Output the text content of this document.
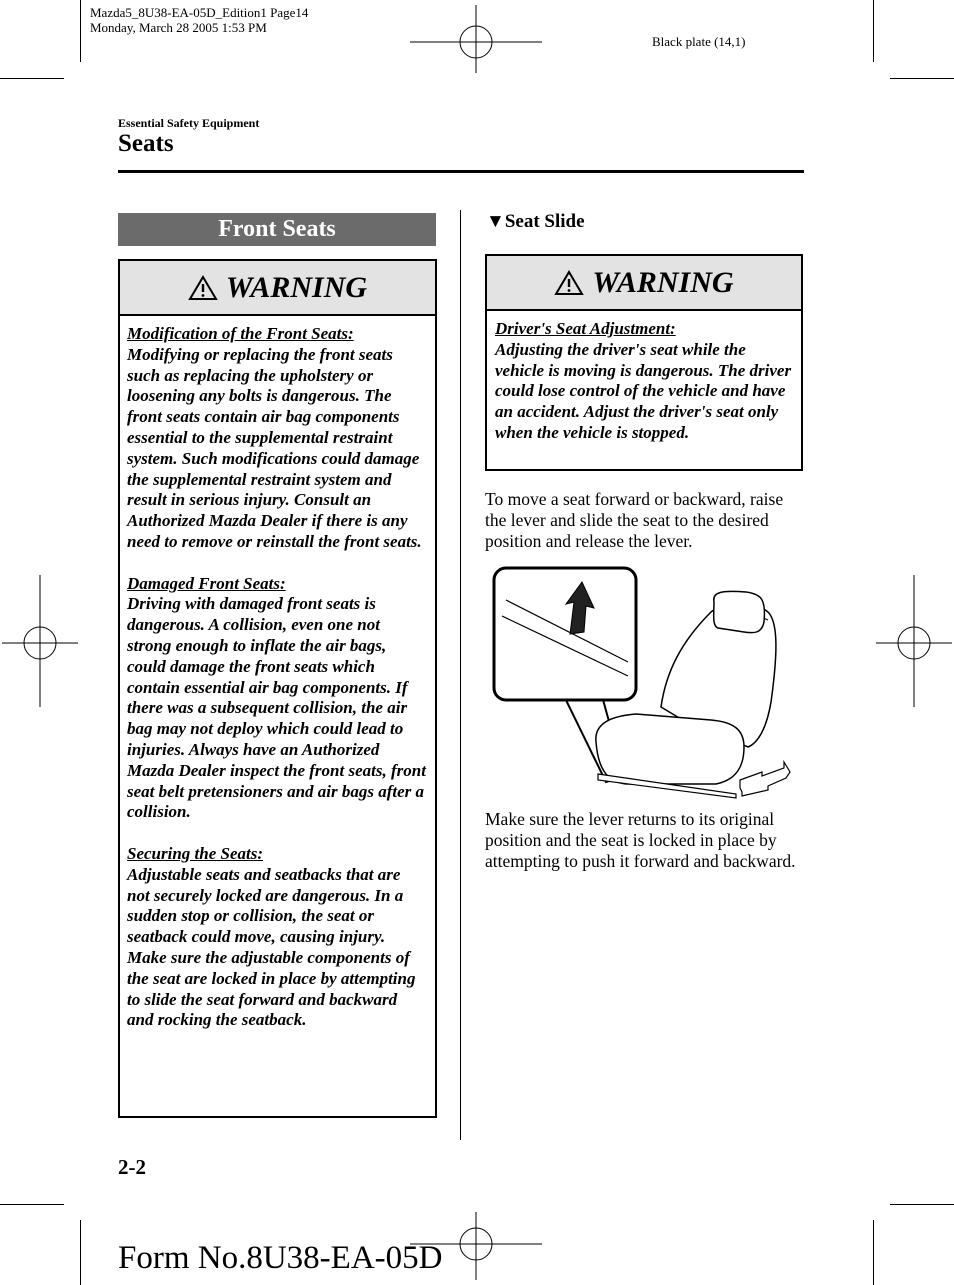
Mazda5_8U38-EA-05D_Edition1 Page14
Monday, March 28 2005 1:53 PM
Black plate (14,1)
Essential Safety Equipment
Seats
Front Seats
WARNING
Modification of the Front Seats:
Modifying or replacing the front seats such as replacing the upholstery or loosening any bolts is dangerous. The front seats contain air bag components essential to the supplemental restraint system. Such modifications could damage the supplemental restraint system and result in serious injury. Consult an Authorized Mazda Dealer if there is any need to remove or reinstall the front seats.
Damaged Front Seats:
Driving with damaged front seats is dangerous. A collision, even one not strong enough to inflate the air bags, could damage the front seats which contain essential air bag components. If there was a subsequent collision, the air bag may not deploy which could lead to injuries. Always have an Authorized Mazda Dealer inspect the front seats, front seat belt pretensioners and air bags after a collision.
Securing the Seats:
Adjustable seats and seatbacks that are not securely locked are dangerous. In a sudden stop or collision, the seat or seatback could move, causing injury. Make sure the adjustable components of the seat are locked in place by attempting to slide the seat forward and backward and rocking the seatback.
▼Seat Slide
WARNING
Driver's Seat Adjustment:
Adjusting the driver's seat while the vehicle is moving is dangerous. The driver could lose control of the vehicle and have an accident. Adjust the driver's seat only when the vehicle is stopped.
To move a seat forward or backward, raise the lever and slide the seat to the desired position and release the lever.
Make sure the lever returns to its original position and the seat is locked in place by attempting to push it forward and backward.
2-2
Form No.8U38-EA-05D
